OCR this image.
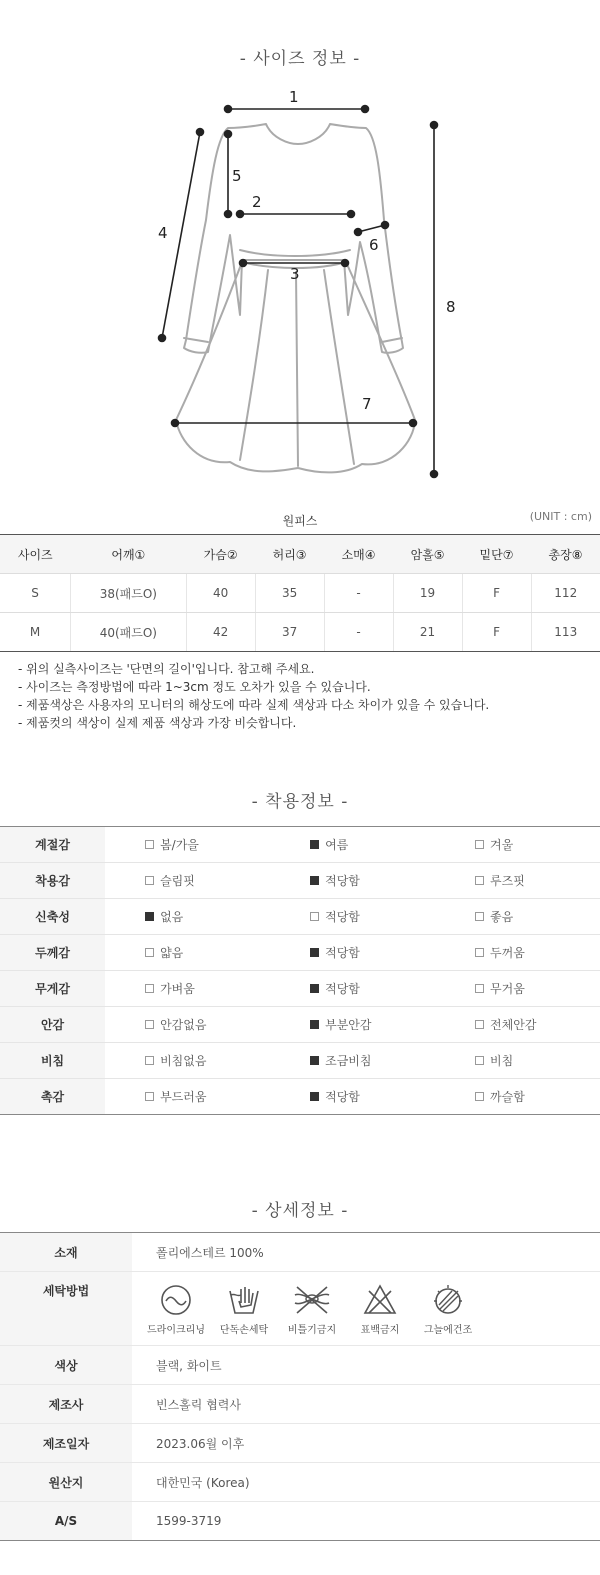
- 사이즈 정보 -
1
2
3
4
5
6
7
8
원피스	(UNIT : cm)
사이즈	어깨①	가슴②	허리③	소매④	암홀⑤	밑단⑦	총장⑧
S	38(패드O)	40	35	-	19	F	112
M	40(패드O)	42	37	-	21	F	113
- 위의 실측사이즈는 '단면의 길이'입니다. 참고해 주세요.
- 사이즈는 측정방법에 따라 1~3cm 정도 오차가 있을 수 있습니다.
- 제품색상은 사용자의 모니터의 해상도에 따라 실제 색상과 다소 차이가 있을 수 있습니다.
- 제품컷의 색상이 실제 제품 색상과 가장 비슷합니다.
- 착용정보 -
계절감	봄/가을	여름	겨울
착용감	슬림핏	적당함	루즈핏
신축성	없음	적당함	좋음
두께감	얇음	적당함	두꺼움
무게감	가벼움	적당함	무거움
안감	안감없음	부분안감	전체안감
비침	비침없음	조금비침	비침
촉감	부드러움	적당함	까슬함
- 상세정보 -
소재	폴리에스테르 100%
세탁방법	드라이크리닝 단독손세탁 비틀기금지 표백금지 그늘에건조

색상	블랙, 화이트
제조사	빈스홀릭 협력사
제조일자	2023.06월 이후
원산지	대한민국 (Korea)
A/S	1599-3719
